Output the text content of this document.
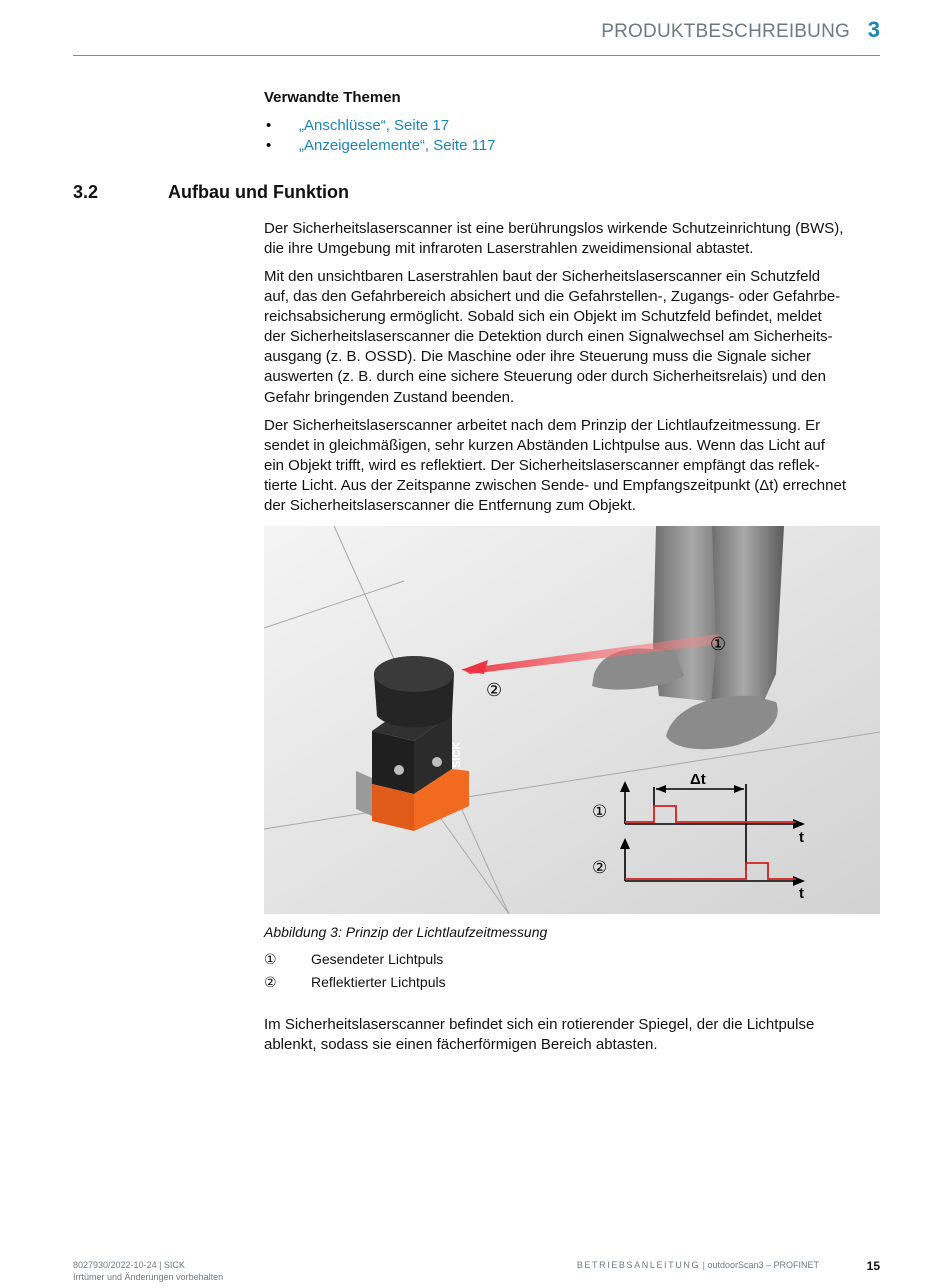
PRODUKTBESCHREIBUNG 3
Verwandte Themen
• „Anschlüsse“, Seite 17
• „Anzeigeelemente“, Seite 117
3.2	Aufbau und Funktion
Der Sicherheitslaserscanner ist eine berührungslos wirkende Schutzeinrichtung (BWS),
die ihre Umgebung mit infraroten Laserstrahlen zweidimensional abtastet.
Mit den unsichtbaren Laserstrahlen baut der Sicherheitslaserscanner ein Schutzfeld
auf, das den Gefahrbereich absichert und die Gefahrstellen-, Zugangs- oder Gefahrbe-
reichsabsicherung ermöglicht. Sobald sich ein Objekt im Schutzfeld befindet, meldet
der Sicherheitslaserscanner die Detektion durch einen Signalwechsel am Sicherheits-
ausgang (z. B. OSSD). Die Maschine oder ihre Steuerung muss die Signale sicher
auswerten (z. B. durch eine sichere Steuerung oder durch Sicherheitsrelais) und den
Gefahr bringenden Zustand beenden.
Der Sicherheitslaserscanner arbeitet nach dem Prinzip der Lichtlaufzeitmessung. Er
sendet in gleichmäßigen, sehr kurzen Abständen Lichtpulse aus. Wenn das Licht auf
ein Objekt trifft, wird es reflektiert. Der Sicherheitslaserscanner empfängt das reflek-
tierte Licht. Aus der Zeitspanne zwischen Sende- und Empfangszeitpunkt (Δt) errechnet
der Sicherheitslaserscanner die Entfernung zum Objekt.
SICK
①
②
①
②
Δt
t
t
Abbildung 3: Prinzip der Lichtlaufzeitmessung
① Gesendeter Lichtpuls
② Reflektierter Lichtpuls
Im Sicherheitslaserscanner befindet sich ein rotierender Spiegel, der die Lichtpulse
ablenkt, sodass sie einen fächerförmigen Bereich abtasten.
8027930/2022-10-24 | SICK
Irrtümer und Änderungen vorbehalten
BETRIEBSANLEITUNG | outdoorScan3 – PROFINET	15
